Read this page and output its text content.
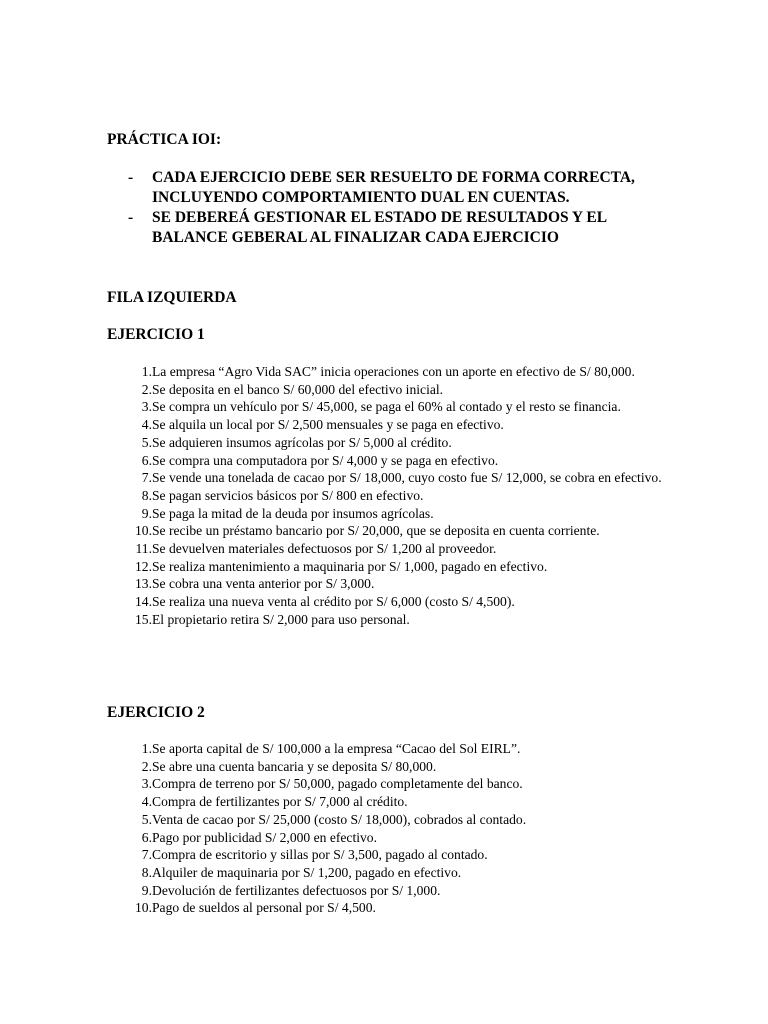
PRÁCTICA IOI:

- CADA EJERCICIO DEBE SER RESUELTO DE FORMA CORRECTA, INCLUYENDO COMPORTAMIENTO DUAL EN CUENTAS.
- SE DEBEREÁ GESTIONAR EL ESTADO DE RESULTADOS Y EL BALANCE GEBERAL AL FINALIZAR CADA EJERCICIO

FILA IZQUIERDA

EJERCICIO 1

1. La empresa “Agro Vida SAC” inicia operaciones con un aporte en efectivo de S/ 80,000.
2. Se deposita en el banco S/ 60,000 del efectivo inicial.
3. Se compra un vehículo por S/ 45,000, se paga el 60% al contado y el resto se financia.
4. Se alquila un local por S/ 2,500 mensuales y se paga en efectivo.
5. Se adquieren insumos agrícolas por S/ 5,000 al crédito.
6. Se compra una computadora por S/ 4,000 y se paga en efectivo.
7. Se vende una tonelada de cacao por S/ 18,000, cuyo costo fue S/ 12,000, se cobra en efectivo.
8. Se pagan servicios básicos por S/ 800 en efectivo.
9. Se paga la mitad de la deuda por insumos agrícolas.
10. Se recibe un préstamo bancario por S/ 20,000, que se deposita en cuenta corriente.
11. Se devuelven materiales defectuosos por S/ 1,200 al proveedor.
12. Se realiza mantenimiento a maquinaria por S/ 1,000, pagado en efectivo.
13. Se cobra una venta anterior por S/ 3,000.
14. Se realiza una nueva venta al crédito por S/ 6,000 (costo S/ 4,500).
15. El propietario retira S/ 2,000 para uso personal.

EJERCICIO 2

1. Se aporta capital de S/ 100,000 a la empresa “Cacao del Sol EIRL”.
2. Se abre una cuenta bancaria y se deposita S/ 80,000.
3. Compra de terreno por S/ 50,000, pagado completamente del banco.
4. Compra de fertilizantes por S/ 7,000 al crédito.
5. Venta de cacao por S/ 25,000 (costo S/ 18,000), cobrados al contado.
6. Pago por publicidad S/ 2,000 en efectivo.
7. Compra de escritorio y sillas por S/ 3,500, pagado al contado.
8. Alquiler de maquinaria por S/ 1,200, pagado en efectivo.
9. Devolución de fertilizantes defectuosos por S/ 1,000.
10. Pago de sueldos al personal por S/ 4,500.
